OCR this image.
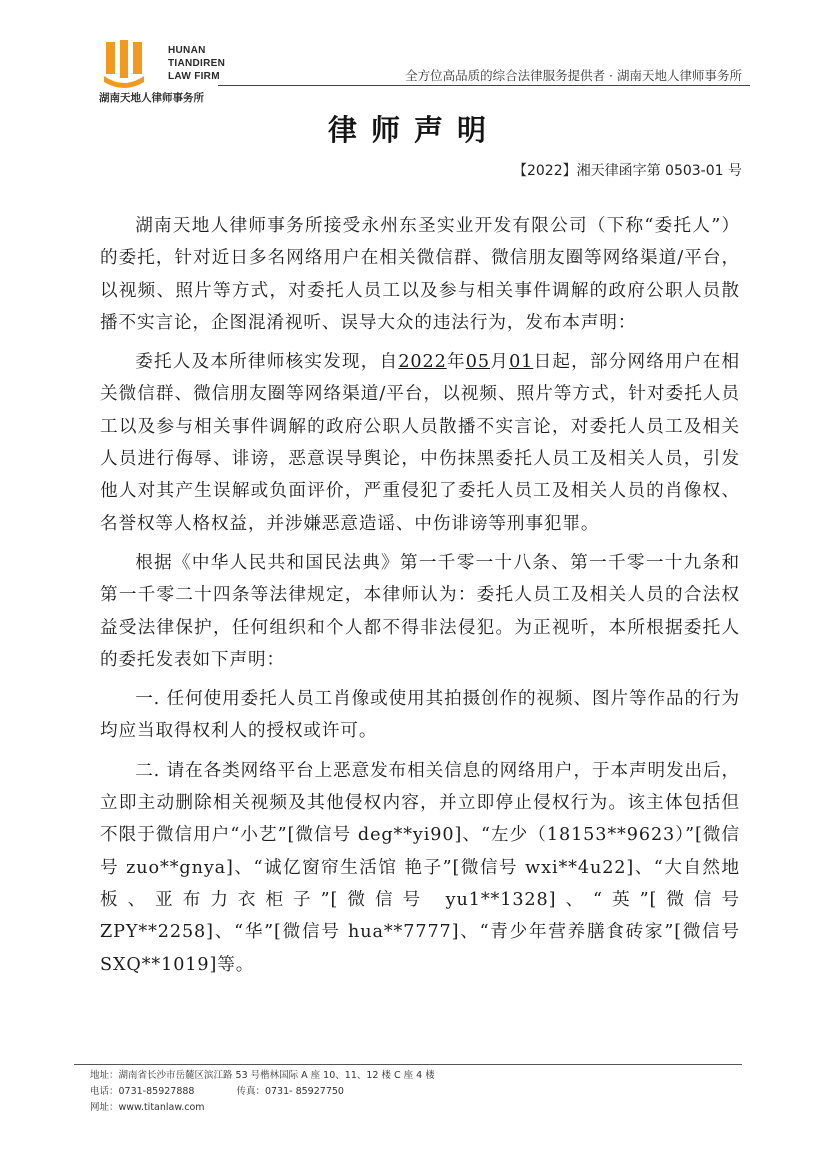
HUNAN
TIANDIREN
LAW FIRM
湖南天地人律师事务所
全方位高品质的综合法律服务提供者 · 湖南天地人律师事务所
律师声明
【2022】湘天律函字第 0503-01 号

湖南天地人律师事务所接受永州东圣实业开发有限公司（下称“委托人”）的委托，针对近日多名网络用户在相关微信群、微信朋友圈等网络渠道/平台，以视频、照片等方式，对委托人员工以及参与相关事件调解的政府公职人员散播不实言论，企图混淆视听、误导大众的违法行为，发布本声明：

委托人及本所律师核实发现，自2022年05月01日起，部分网络用户在相关微信群、微信朋友圈等网络渠道/平台，以视频、照片等方式，针对委托人员工以及参与相关事件调解的政府公职人员散播不实言论，对委托人员工及相关人员进行侮辱、诽谤，恶意误导舆论，中伤抹黑委托人员工及相关人员，引发他人对其产生误解或负面评价，严重侵犯了委托人员工及相关人员的肖像权、名誉权等人格权益，并涉嫌恶意造谣、中伤诽谤等刑事犯罪。

根据《中华人民共和国民法典》第一千零一十八条、第一千零一十九条和第一千零二十四条等法律规定，本律师认为：委托人员工及相关人员的合法权益受法律保护，任何组织和个人都不得非法侵犯。为正视听，本所根据委托人的委托发表如下声明：

一. 任何使用委托人员工肖像或使用其拍摄创作的视频、图片等作品的行为均应当取得权利人的授权或许可。

二. 请在各类网络平台上恶意发布相关信息的网络用户，于本声明发出后，立即主动删除相关视频及其他侵权内容，并立即停止侵权行为。该主体包括但不限于微信用户“小艺”[微信号 deg**yi90]、“左少（18153**9623）”[微信号 zuo**gnya]、“诚亿窗帘生活馆 艳子”[微信号 wxi**4u22]、“大自然地板、亚布力衣柜子”[微信号 yu1**1328]、“英”[微信号 ZPY**2258]、“华”[微信号 hua**7777]、“青少年营养膳食砖家”[微信号 SXQ**1019]等。

地址：湖南省长沙市岳麓区滨江路 53 号楷林国际 A 座 10、11、12 楼 C 座 4 楼
电话：0731-85927888	传真：0731- 85927750
网址：www.titanlaw.com
